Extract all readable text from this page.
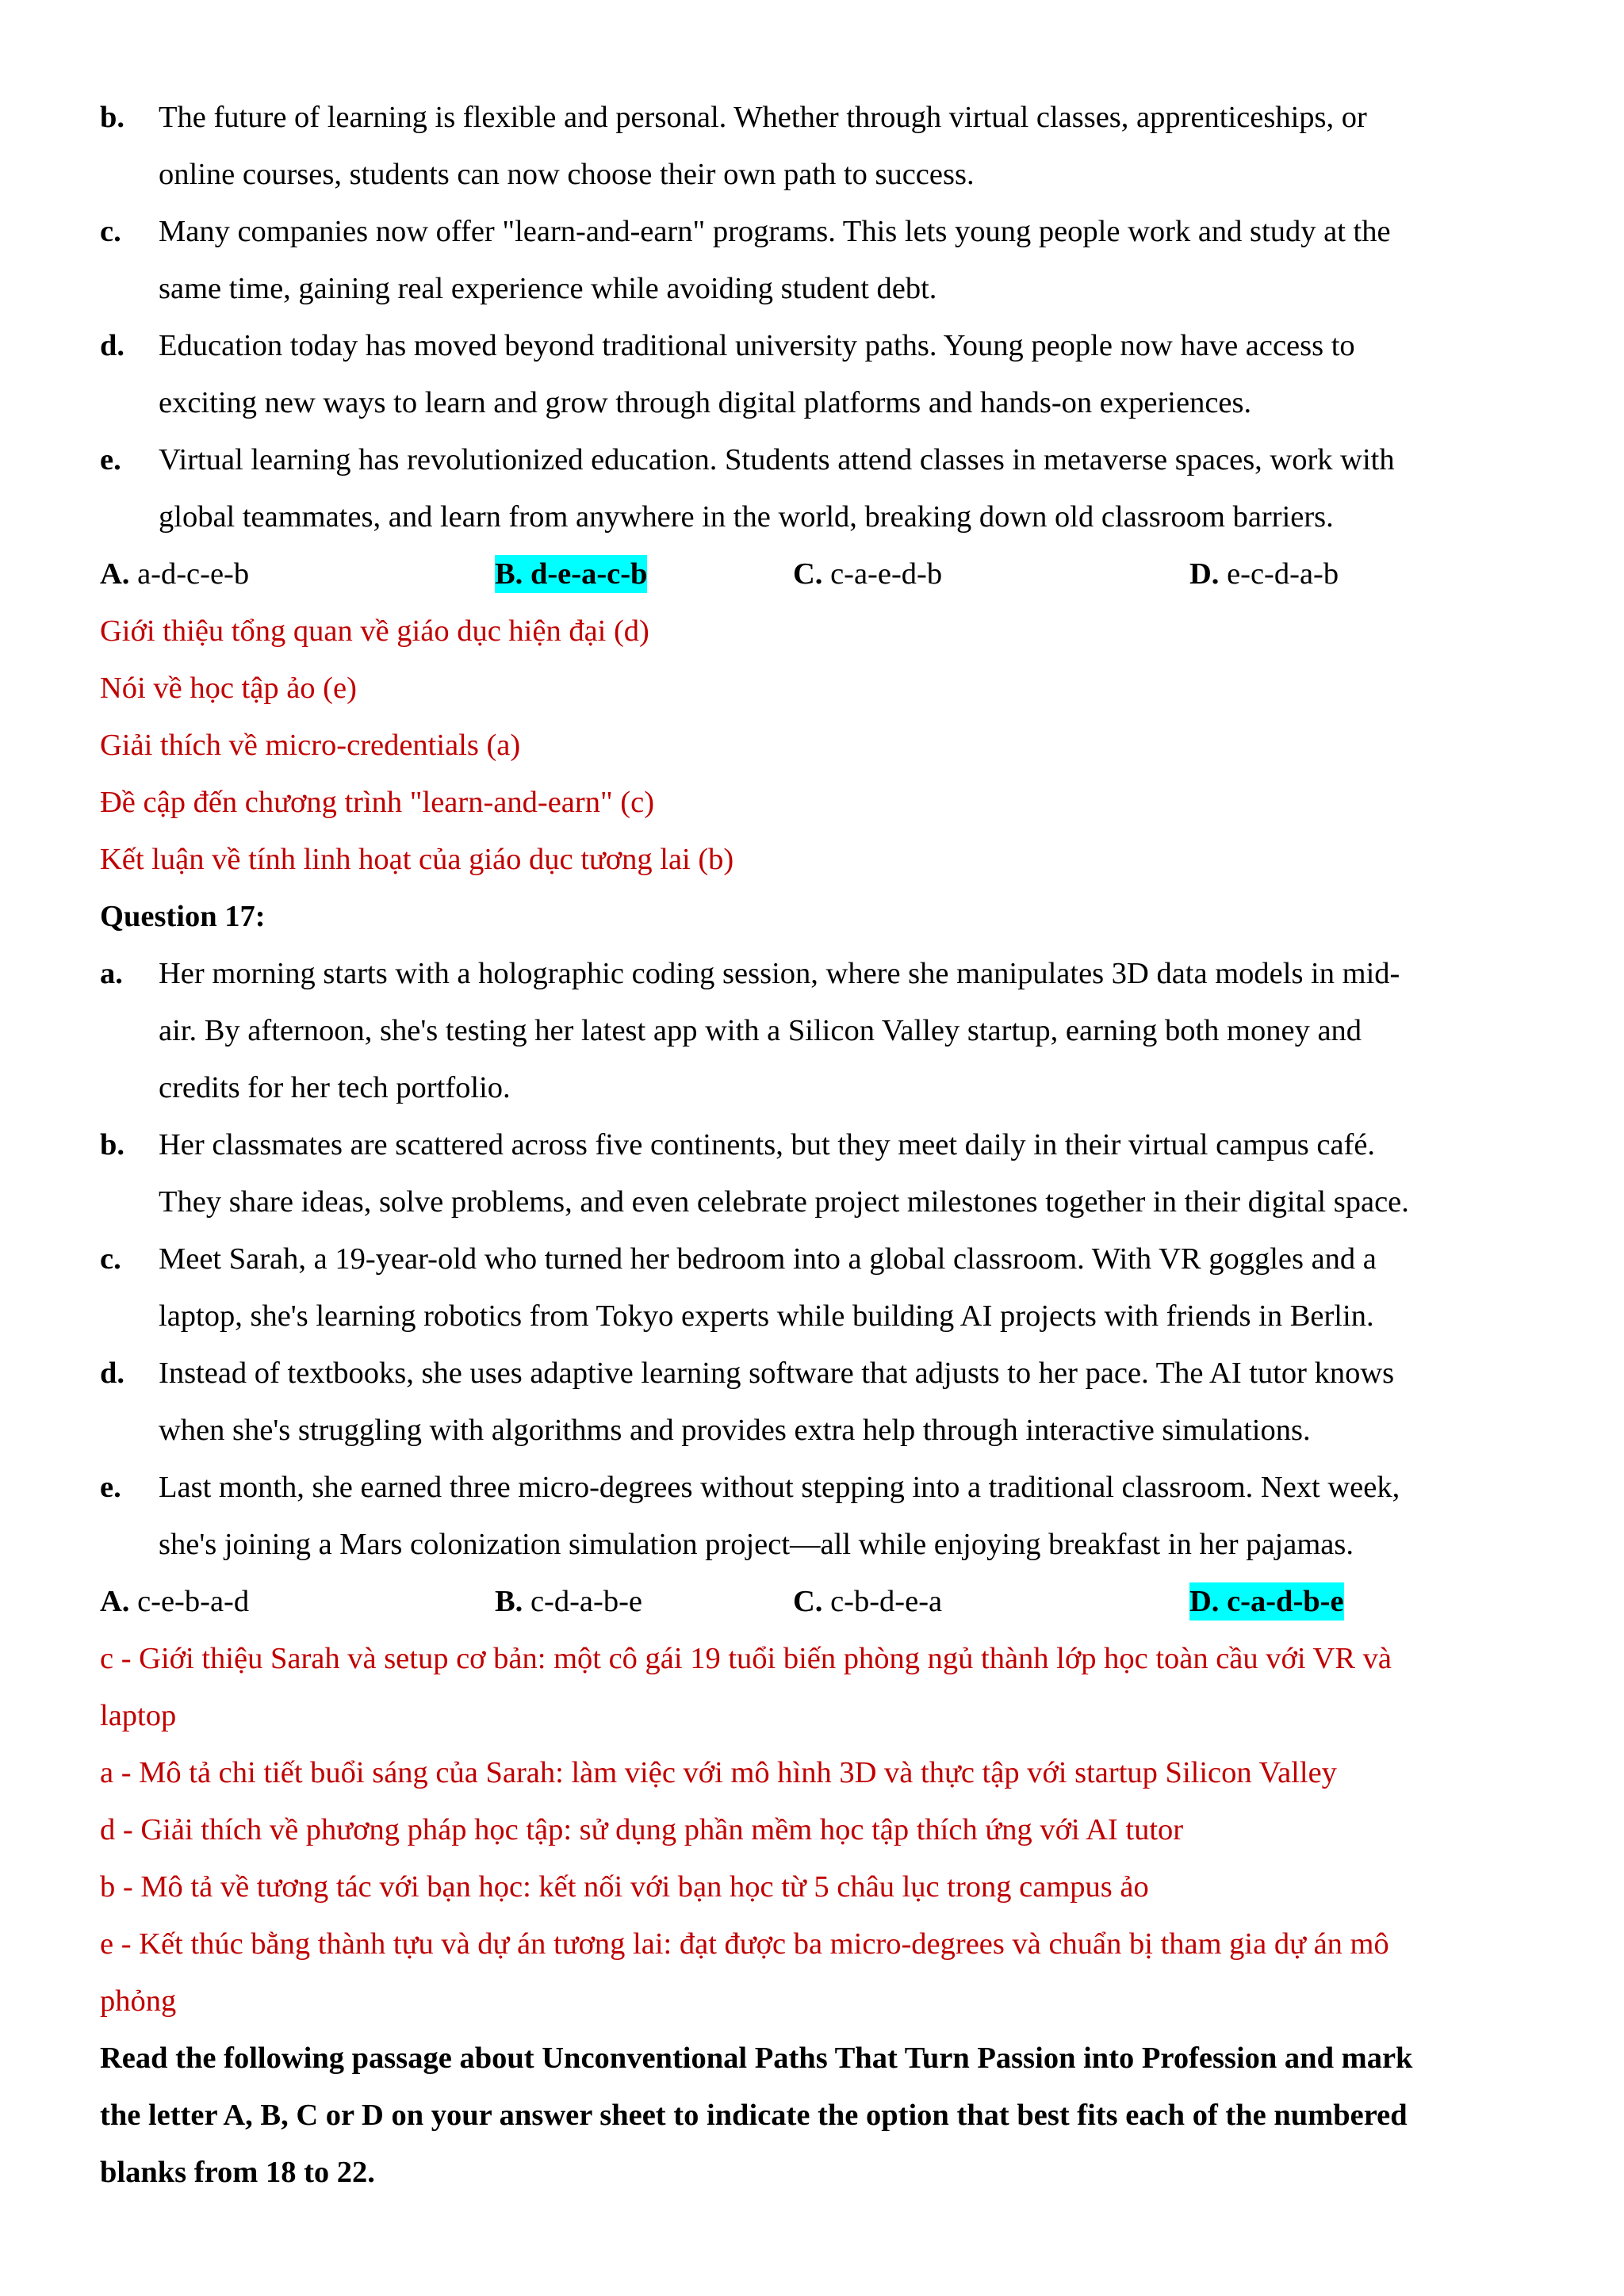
b. The future of learning is flexible and personal. Whether through virtual classes, apprenticeships, or
online courses, students can now choose their own path to success.
c. Many companies now offer "learn-and-earn" programs. This lets young people work and study at the
same time, gaining real experience while avoiding student debt.
d. Education today has moved beyond traditional university paths. Young people now have access to
exciting new ways to learn and grow through digital platforms and hands-on experiences.
e. Virtual learning has revolutionized education. Students attend classes in metaverse spaces, work with
global teammates, and learn from anywhere in the world, breaking down old classroom barriers.
A. a-d-c-e-b	B. d-e-a-c-b	C. c-a-e-d-b	D. e-c-d-a-b
Giới thiệu tổng quan về giáo dục hiện đại (d)
Nói về học tập ảo (e)
Giải thích về micro-credentials (a)
Đề cập đến chương trình "learn-and-earn" (c)
Kết luận về tính linh hoạt của giáo dục tương lai (b)
Question 17:
a. Her morning starts with a holographic coding session, where she manipulates 3D data models in mid-
air. By afternoon, she's testing her latest app with a Silicon Valley startup, earning both money and
credits for her tech portfolio.
b. Her classmates are scattered across five continents, but they meet daily in their virtual campus café.
They share ideas, solve problems, and even celebrate project milestones together in their digital space.
c. Meet Sarah, a 19-year-old who turned her bedroom into a global classroom. With VR goggles and a
laptop, she's learning robotics from Tokyo experts while building AI projects with friends in Berlin.
d. Instead of textbooks, she uses adaptive learning software that adjusts to her pace. The AI tutor knows
when she's struggling with algorithms and provides extra help through interactive simulations.
e. Last month, she earned three micro-degrees without stepping into a traditional classroom. Next week,
she's joining a Mars colonization simulation project—all while enjoying breakfast in her pajamas.
A. c-e-b-a-d	B. c-d-a-b-e	C. c-b-d-e-a	D. c-a-d-b-e
c - Giới thiệu Sarah và setup cơ bản: một cô gái 19 tuổi biến phòng ngủ thành lớp học toàn cầu với VR và
laptop
a - Mô tả chi tiết buổi sáng của Sarah: làm việc với mô hình 3D và thực tập với startup Silicon Valley
d - Giải thích về phương pháp học tập: sử dụng phần mềm học tập thích ứng với AI tutor
b - Mô tả về tương tác với bạn học: kết nối với bạn học từ 5 châu lục trong campus ảo
e - Kết thúc bằng thành tựu và dự án tương lai: đạt được ba micro-degrees và chuẩn bị tham gia dự án mô
phỏng
Read the following passage about Unconventional Paths That Turn Passion into Profession and mark
the letter A, B, C or D on your answer sheet to indicate the option that best fits each of the numbered
blanks from 18 to 22.
